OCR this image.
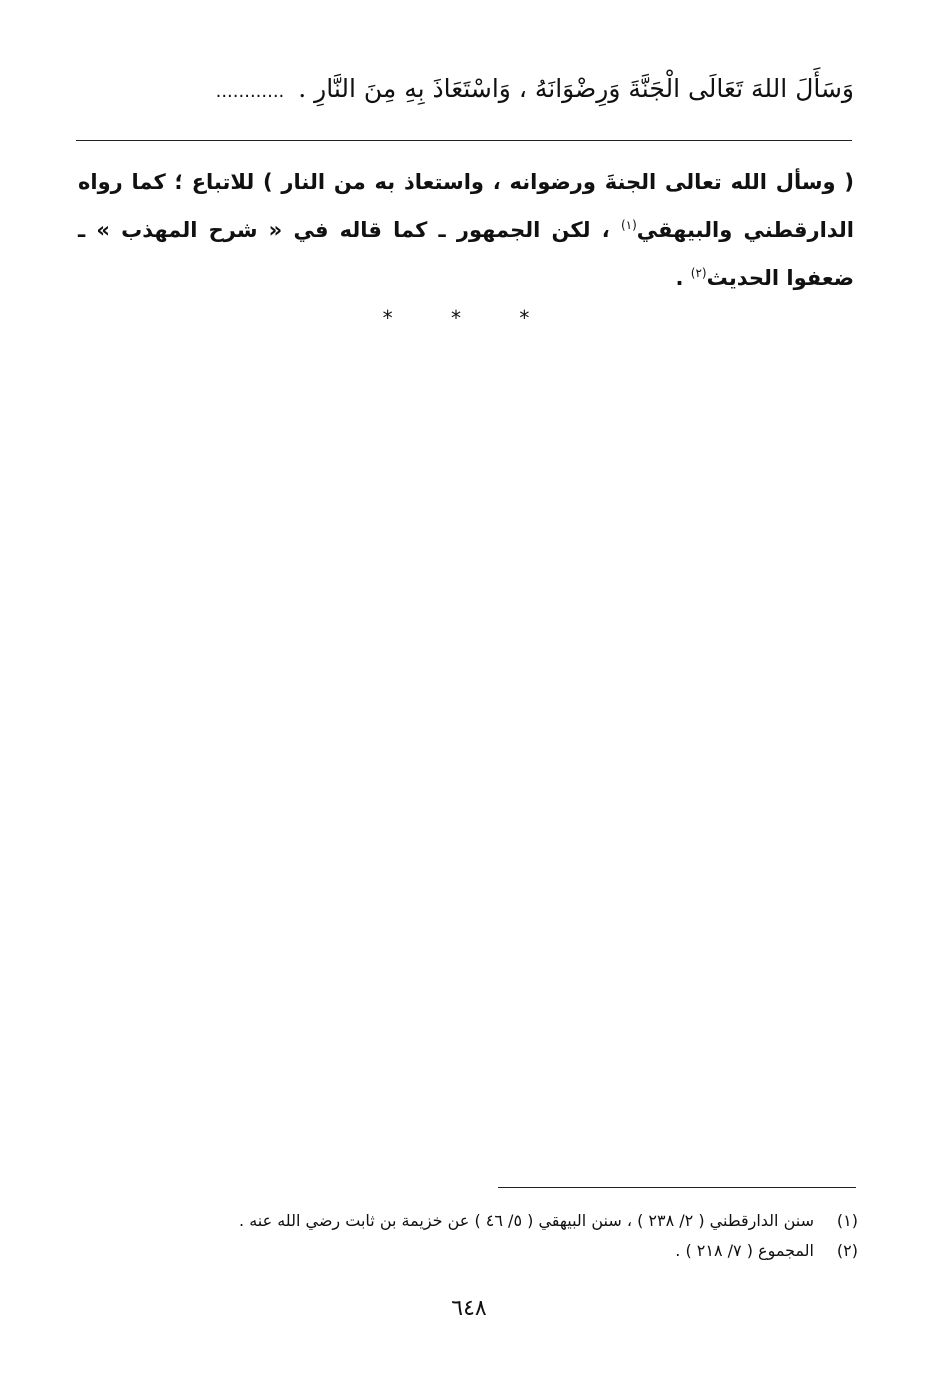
وَسَأَلَ اللهَ تَعَالَى الْجَنَّةَ وَرِضْوَانَهُ ، وَاسْتَعَاذَ بِهِ مِنَ النَّارِ . ............
( وسأل الله تعالى الجنةَ ورضوانه ، واستعاذ به من النار ) للاتباع ؛ كما رواه الدارقطني والبيهقي$^{(١)}$ ، لكن الجمهور ـ كما قاله في « شرح المهذب » ـ ضعفوا الحديث$^{(٢)}$ .
* * *
(١)
سنن الدارقطني ( ٢/ ٢٣٨ ) ، سنن البيهقي ( ٥/ ٤٦ ) عن خزيمة بن ثابت رضي الله عنه .
(٢)
المجموع ( ٧/ ٢١٨ ) .
٦٤٨
